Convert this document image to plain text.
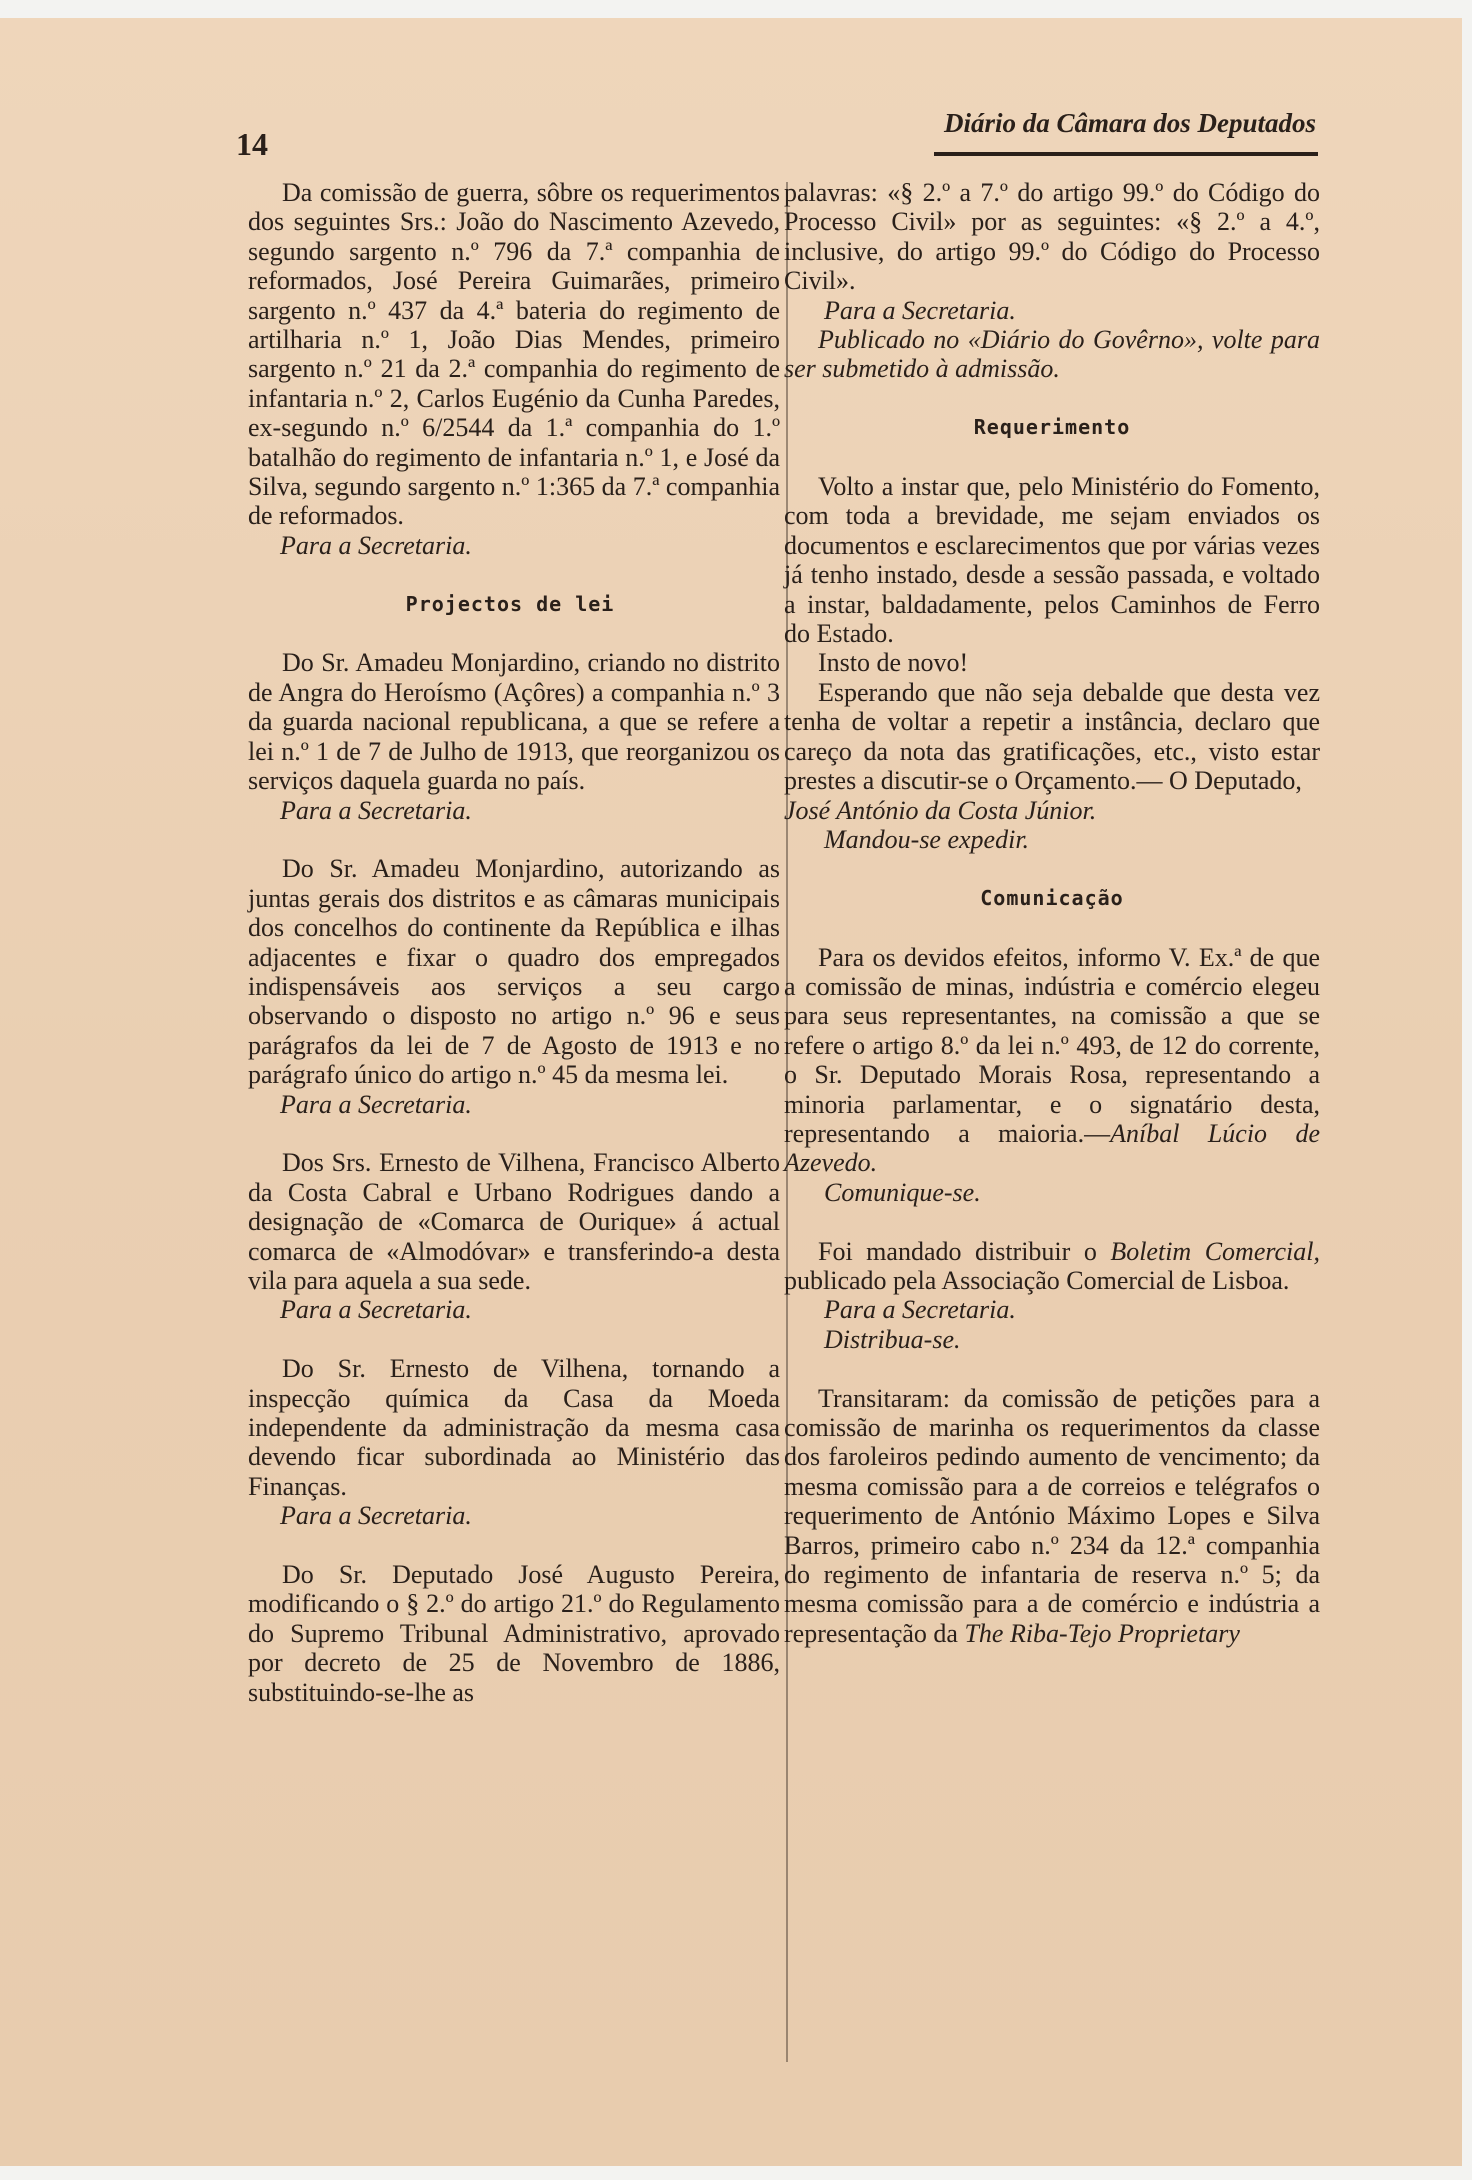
14
Diário da Câmara dos Deputados

Da comissão de guerra, sôbre os requerimentos dos seguintes Srs.: João do Nascimento Azevedo, segundo sargento n.º 796 da 7.ª companhia de reformados, José Pereira Guimarães, primeiro sargento n.º 437 da 4.ª bateria do regimento de artilharia n.º 1, João Dias Mendes, primeiro sargento n.º 21 da 2.ª companhia do regimento de infantaria n.º 2, Carlos Eugénio da Cunha Paredes, ex-segundo n.º 6/2544 da 1.ª companhia do 1.º batalhão do regimento de infantaria n.º 1, e José da Silva, segundo sargento n.º 1:365 da 7.ª companhia de reformados.

Para a Secretaria.

Projectos de lei

Do Sr. Amadeu Monjardino, criando no distrito de Angra do Heroísmo (Açôres) a companhia n.º 3 da guarda nacional republicana, a que se refere a lei n.º 1 de 7 de Julho de 1913, que reorganizou os serviços daquela guarda no país.

Para a Secretaria.

Do Sr. Amadeu Monjardino, autorizando as juntas gerais dos distritos e as câmaras municipais dos concelhos do continente da República e ilhas adjacentes e fixar o quadro dos empregados indispensáveis aos serviços a seu cargo observando o disposto no artigo n.º 96 e seus parágrafos da lei de 7 de Agosto de 1913 e no parágrafo único do artigo n.º 45 da mesma lei.

Para a Secretaria.

Dos Srs. Ernesto de Vilhena, Francisco Alberto da Costa Cabral e Urbano Rodrigues dando a designação de «Comarca de Ourique» á actual comarca de «Almodóvar» e transferindo-a desta vila para aquela a sua sede.

Para a Secretaria.

Do Sr. Ernesto de Vilhena, tornando a inspecção química da Casa da Moeda independente da administração da mesma casa devendo ficar subordinada ao Ministério das Finanças.

Para a Secretaria.

Do Sr. Deputado José Augusto Pereira, modificando o § 2.º do artigo 21.º do Regulamento do Supremo Tribunal Administrativo, aprovado por decreto de 25 de Novembro de 1886, substituindo-se-lhe as

palavras: «§ 2.º a 7.º do artigo 99.º do Código do Processo Civil» por as seguintes: «§ 2.º a 4.º, inclusive, do artigo 99.º do Código do Processo Civil».

Para a Secretaria.

Publicado no «Diário do Govêrno», volte para ser submetido à admissão.

Requerimento

Volto a instar que, pelo Ministério do Fomento, com toda a brevidade, me sejam enviados os documentos e esclarecimentos que por várias vezes já tenho instado, desde a sessão passada, e voltado a instar, baldadamente, pelos Caminhos de Ferro do Estado.

Insto de novo!

Esperando que não seja debalde que desta vez tenha de voltar a repetir a instância, declaro que careço da nota das gratificações, etc., visto estar prestes a discutir-se o Orçamento.— O Deputado,

José António da Costa Júnior.

Mandou-se expedir.

Comunicação

Para os devidos efeitos, informo V. Ex.ª de que a comissão de minas, indústria e comércio elegeu para seus representantes, na comissão a que se refere o artigo 8.º da lei n.º 493, de 12 do corrente, o Sr. Deputado Morais Rosa, representando a minoria parlamentar, e o signatário desta, representando a maioria.—Aníbal Lúcio de Azevedo.

Comunique-se.

Foi mandado distribuir o Boletim Comercial, publicado pela Associação Comercial de Lisboa.

Para a Secretaria.

Distribua-se.

Transitaram: da comissão de petições para a comissão de marinha os requerimentos da classe dos faroleiros pedindo aumento de vencimento; da mesma comissão para a de correios e telégrafos o requerimento de António Máximo Lopes e Silva Barros, primeiro cabo n.º 234 da 12.ª companhia do regimento de infantaria de reserva n.º 5; da mesma comissão para a de comércio e indústria a representação da The Riba-Tejo Proprietary
